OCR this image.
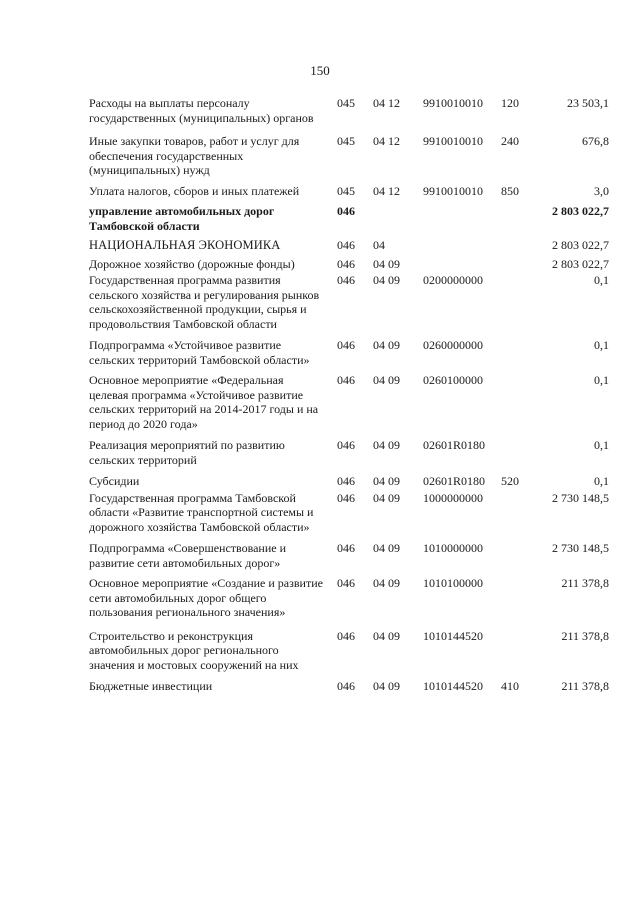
150
Расходы на выплаты персоналу государственных (муниципальных) органов	045	04 12	9910010010	120	23 503,1
Иные закупки товаров, работ и услуг для обеспечения государственных (муниципальных) нужд	045	04 12	9910010010	240	676,8
Уплата налогов, сборов и иных платежей	045	04 12	9910010010	850	3,0
управление автомобильных дорог Тамбовской области	046				2 803 022,7
НАЦИОНАЛЬНАЯ ЭКОНОМИКА	046	04			2 803 022,7
Дорожное хозяйство (дорожные фонды)	046	04 09			2 803 022,7
Государственная программа развития сельского хозяйства и регулирования рынков сельскохозяйственной продукции, сырья и продовольствия Тамбовской области	046	04 09	0200000000		0,1
Подпрограмма «Устойчивое развитие сельских территорий Тамбовской области»	046	04 09	0260000000		0,1
Основное мероприятие «Федеральная целевая программа «Устойчивое развитие сельских территорий на 2014-2017 годы и на период до 2020 года»	046	04 09	0260100000		0,1
Реализация мероприятий по развитию сельских территорий	046	04 09	02601R0180		0,1
Субсидии	046	04 09	02601R0180	520	0,1
Государственная программа Тамбовской области «Развитие транспортной системы и дорожного хозяйства Тамбовской области»	046	04 09	1000000000		2 730 148,5
Подпрограмма «Совершенствование и развитие сети автомобильных дорог»	046	04 09	1010000000		2 730 148,5
Основное мероприятие «Создание и развитие сети автомобильных дорог общего пользования регионального значения»	046	04 09	1010100000		211 378,8
Строительство и реконструкция автомобильных дорог регионального значения и мостовых сооружений на них	046	04 09	1010144520		211 378,8
Бюджетные инвестиции	046	04 09	1010144520	410	211 378,8
